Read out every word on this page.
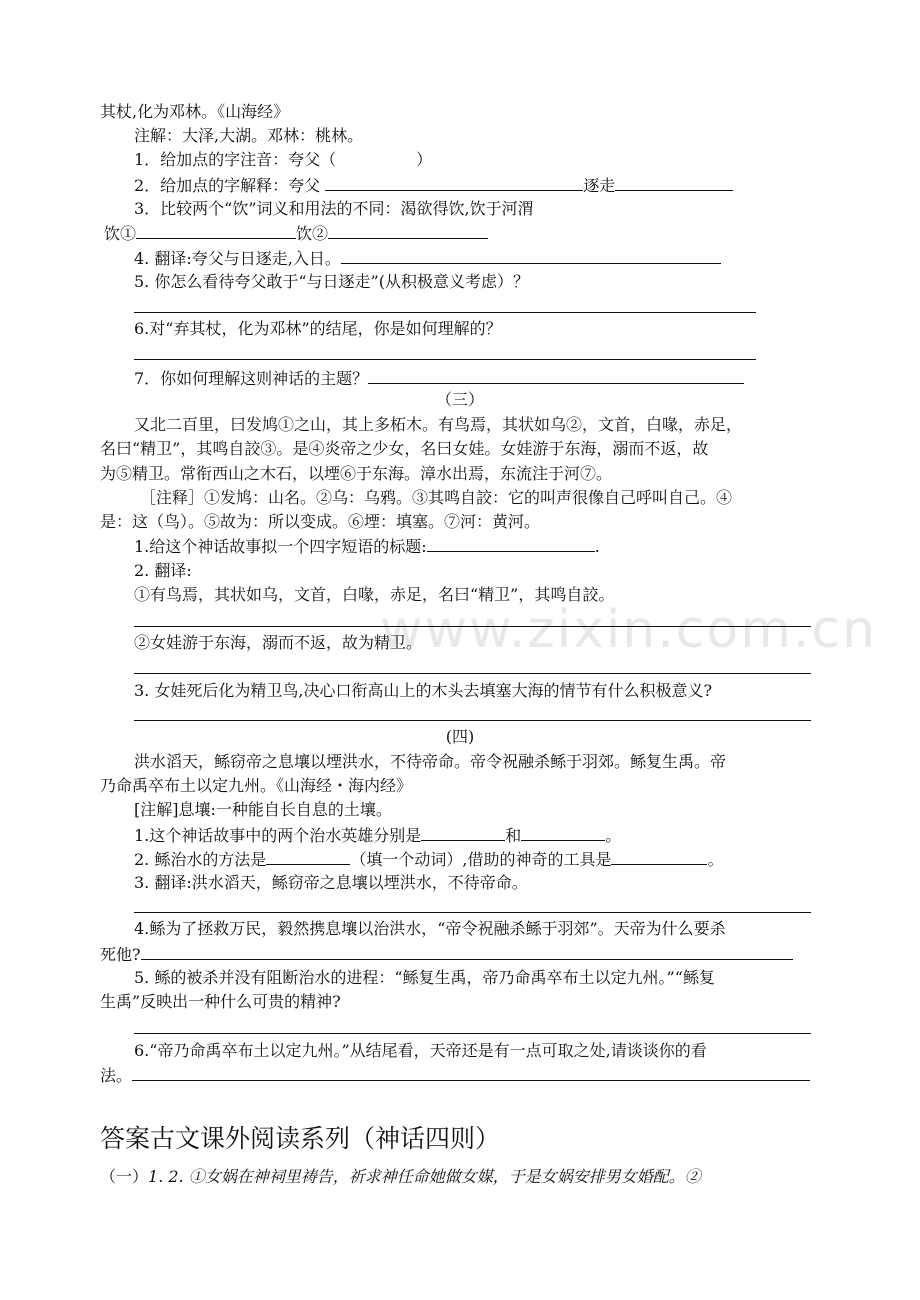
www.zixin.com.cn
其杖,化为邓林。《山海经》
注解：大泽,大湖。邓林：桃林。
1．给加点的字注音：夸父（　　　　　）
2．给加点的字解释：夸父	逐走
3．比较两个“饮”词义和用法的不同：渴欲得饮,饮于河渭
饮①	饮②
4. 翻译:夸父与日逐走,入日。
5. 你怎么看待夸父敢于“与日逐走”(从积极意义考虑）？
6.对“弃其杖，化为邓林”的结尾，你是如何理解的？
7．你如何理解这则神话的主题？
（三）
又北二百里，曰发鸠①之山，其上多柘木。有鸟焉，其状如乌②，文首，白喙，赤足，
名曰“精卫”，其鸣自詨③。是④炎帝之少女，名曰女娃。女娃游于东海，溺而不返，故
为⑤精卫。常衔西山之木石，以堙⑥于东海。漳水出焉，东流注于河⑦。
［注释］①发鸠：山名。②乌：乌鸦。③其鸣自詨：它的叫声很像自己呼叫自己。④
是：这（鸟）。⑤故为：所以变成。⑥堙：填塞。⑦河：黄河。
1.给这个神话故事拟一个四字短语的标题:	.
2. 翻译:
①有鸟焉，其状如乌，文首，白喙，赤足，名曰“精卫”，其鸣自詨。
②女娃游于东海，溺而不返，故为精卫。
3. 女娃死后化为精卫鸟,决心口衔高山上的木头去填塞大海的情节有什么积极意义?
(四)
洪水滔天，鲧窃帝之息壤以堙洪水，不待帝命。帝令祝融杀鲧于羽郊。鲧复生禹。帝
乃命禹卒布土以定九州。《山海经・海内经》
[注解]息壤:一种能自长自息的土壤。
1.这个神话故事中的两个治水英雄分别是	和	。
2. 鲧治水的方法是	（填一个动词）,借助的神奇的工具是	。
3. 翻译:洪水滔天，鲧窃帝之息壤以堙洪水，不待帝命。
4.鲧为了拯救万民，毅然携息壤以治洪水，“帝令祝融杀鲧于羽郊”。天帝为什么要杀
死他?
5. 鲧的被杀并没有阻断治水的进程：“鲧复生禹，帝乃命禹卒布土以定九州。”“鲧复
生禹”反映出一种什么可贵的精神?
6.“帝乃命禹卒布土以定九州。”从结尾看，天帝还是有一点可取之处,请谈谈你的看
法。
答案古文课外阅读系列（神话四则）
（一）1. 2. ①女娲在神祠里祷告，祈求神任命她做女媒，于是女娲安排男女婚配。②
